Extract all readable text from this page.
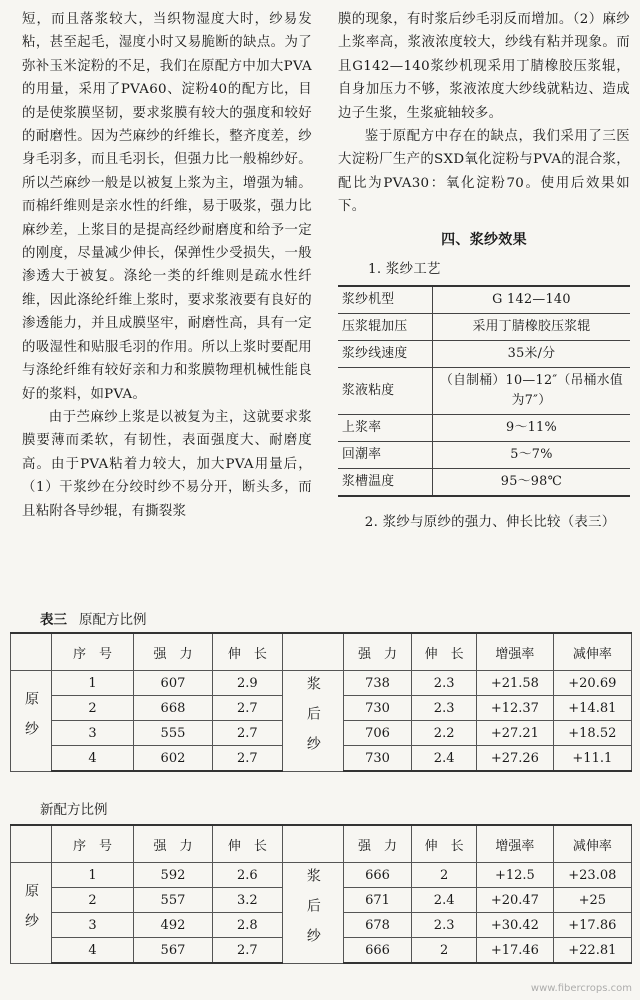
短，而且落浆较大，当织物湿度大时，纱易发粘，甚至起毛，湿度小时又易脆断的缺点。为了弥补玉米淀粉的不足，我们在原配方中加大PVA的用量，采用了PVA60、淀粉40的配方比，目的是使浆膜坚韧，要求浆膜有较大的强度和较好的耐磨性。因为苎麻纱的纤维长，整齐度差，纱身毛羽多，而且毛羽长，但强力比一般棉纱好。所以苎麻纱一般是以被复上浆为主，增强为辅。而棉纤维则是亲水性的纤维，易于吸浆，强力比麻纱差，上浆目的是提高经纱耐磨度和给予一定的刚度，尽量减少伸长，保弹性少受损失，一般渗透大于被复。涤纶一类的纤维则是疏水性纤维，因此涤纶纤维上浆时，要求浆液要有良好的渗透能力，并且成膜坚牢，耐磨性高，具有一定的吸湿性和贴服毛羽的作用。所以上浆时要配用与涤纶纤维有较好亲和力和浆膜物理机械性能良好的浆料，如PVA。

由于苎麻纱上浆是以被复为主，这就要求浆膜要薄而柔软，有韧性，表面强度大、耐磨度高。由于PVA粘着力较大，加大PVA用量后，（1）干浆纱在分绞时纱不易分开，断头多，而且粘附各导纱辊，有撕裂浆

膜的现象，有时浆后纱毛羽反而增加。（2）麻纱上浆率高，浆液浓度较大，纱线有粘并现象。而且G142—140浆纱机现采用丁腈橡胶压浆辊，自身加压力不够，浆液浓度大纱线就粘边、造成边子生浆，生浆疵轴较多。

鉴于原配方中存在的缺点，我们采用了三医大淀粉厂生产的SXD氧化淀粉与PVA的混合浆，配比为PVA30：氧化淀粉70。使用后效果如下。

四、浆纱效果
1. 浆纱工艺
浆纱机型	G 142—140
压浆辊加压	采用丁腈橡胶压浆辊
浆纱线速度	35米/分
浆液粘度	（自制桶）10—12″（吊桶水值为7″）
上浆率	9～11%
回潮率	5～7%
浆槽温度	95～98℃
2. 浆纱与原纱的强力、伸长比较（表三）
表三 原配方比例
	序　号	强　力	伸　长		强　力	伸　长	增强率	减伸率
原纱	1	607	2.9	浆后纱	738	2.3	+21.58	+20.69
	2	668	2.7		730	2.3	+12.37	+14.81
	3	555	2.7		706	2.2	+27.21	+18.52
	4	602	2.7		730	2.4	+27.26	+11.1
新配方比例
	序　号	强　力	伸　长		强　力	伸　长	增强率	减伸率
原纱	1	592	2.6	浆后纱	666	2	+12.5	+23.08
	2	557	3.2		671	2.4	+20.47	+25
	3	492	2.8		678	2.3	+30.42	+17.86
	4	567	2.7		666	2	+17.46	+22.81
www.fibercrops.com
